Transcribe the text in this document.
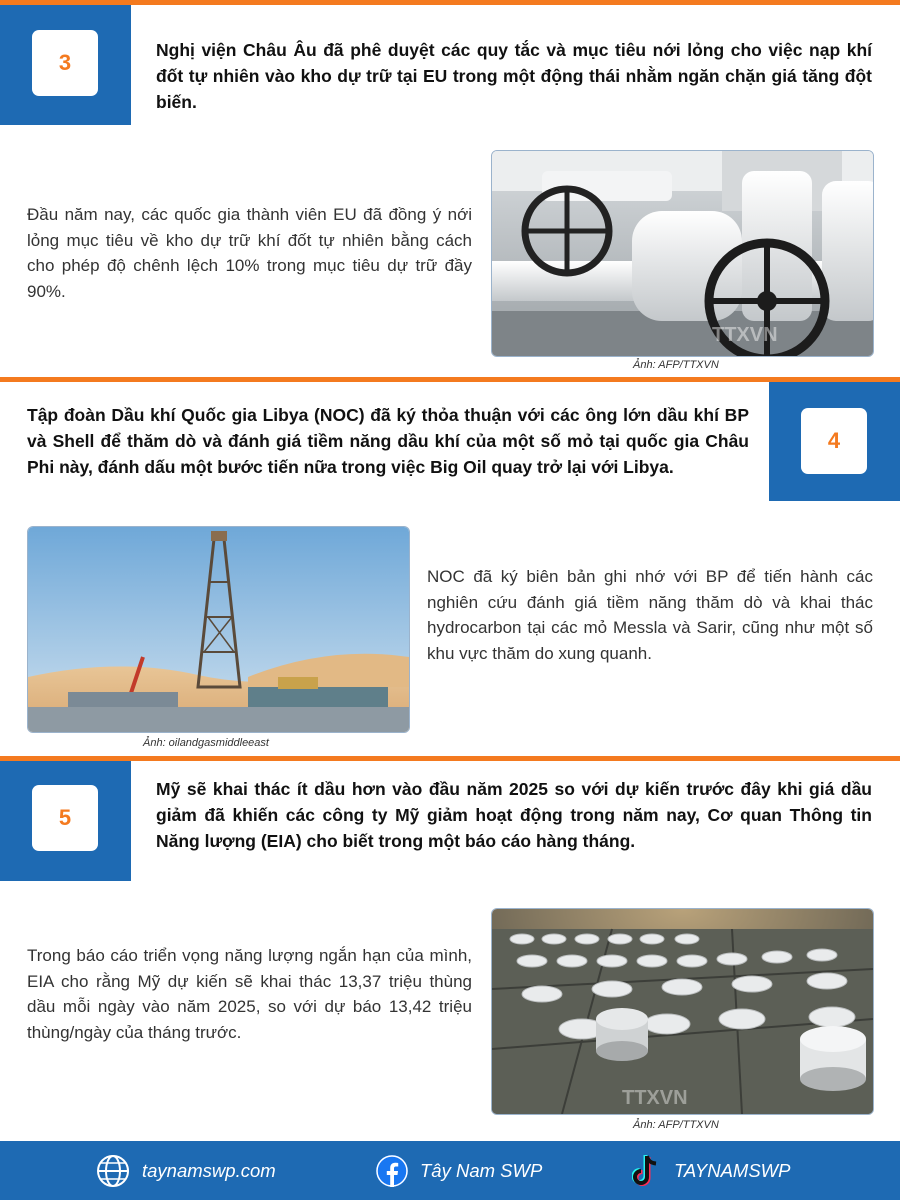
3	Nghị viện Châu Âu đã phê duyệt các quy tắc và mục tiêu nới lỏng cho việc nạp khí đốt tự nhiên vào kho dự trữ tại EU trong một động thái nhằm ngăn chặn giá tăng đột biến.
Đầu năm nay, các quốc gia thành viên EU đã đồng ý nới lỏng mục tiêu về kho dự trữ khí đốt tự nhiên bằng cách cho phép độ chênh lệch 10% trong mục tiêu dự trữ đầy 90%.
TTXVN
Ảnh: AFP/TTXVN
4
Tập đoàn Dầu khí Quốc gia Libya (NOC) đã ký thỏa thuận với các ông lớn dầu khí BP và Shell để thăm dò và đánh giá tiềm năng dầu khí của một số mỏ tại quốc gia Châu Phi này, đánh dấu một bước tiến nữa trong việc Big Oil quay trở lại với Libya.
Ảnh: oilandgasmiddleeast
NOC đã ký biên bản ghi nhớ với BP để tiến hành các nghiên cứu đánh giá tiềm năng thăm dò và khai thác hydrocarbon tại các mỏ Messla và Sarir, cũng như một số khu vực thăm do xung quanh.
5
Mỹ sẽ khai thác ít dầu hơn vào đầu năm 2025 so với dự kiến trước đây khi giá dầu giảm đã khiến các công ty Mỹ giảm hoạt động trong năm nay, Cơ quan Thông tin Năng lượng (EIA) cho biết trong một báo cáo hàng tháng.
Trong báo cáo triển vọng năng lượng ngắn hạn của mình, EIA cho rằng Mỹ dự kiến sẽ khai thác 13,37 triệu thùng dầu mỗi ngày vào năm 2025, so với dự báo 13,42 triệu thùng/ngày của tháng trước.
TTXVN
Ảnh: AFP/TTXVN
taynamswp.com	Tây Nam SWP	TAYNAMSWP
